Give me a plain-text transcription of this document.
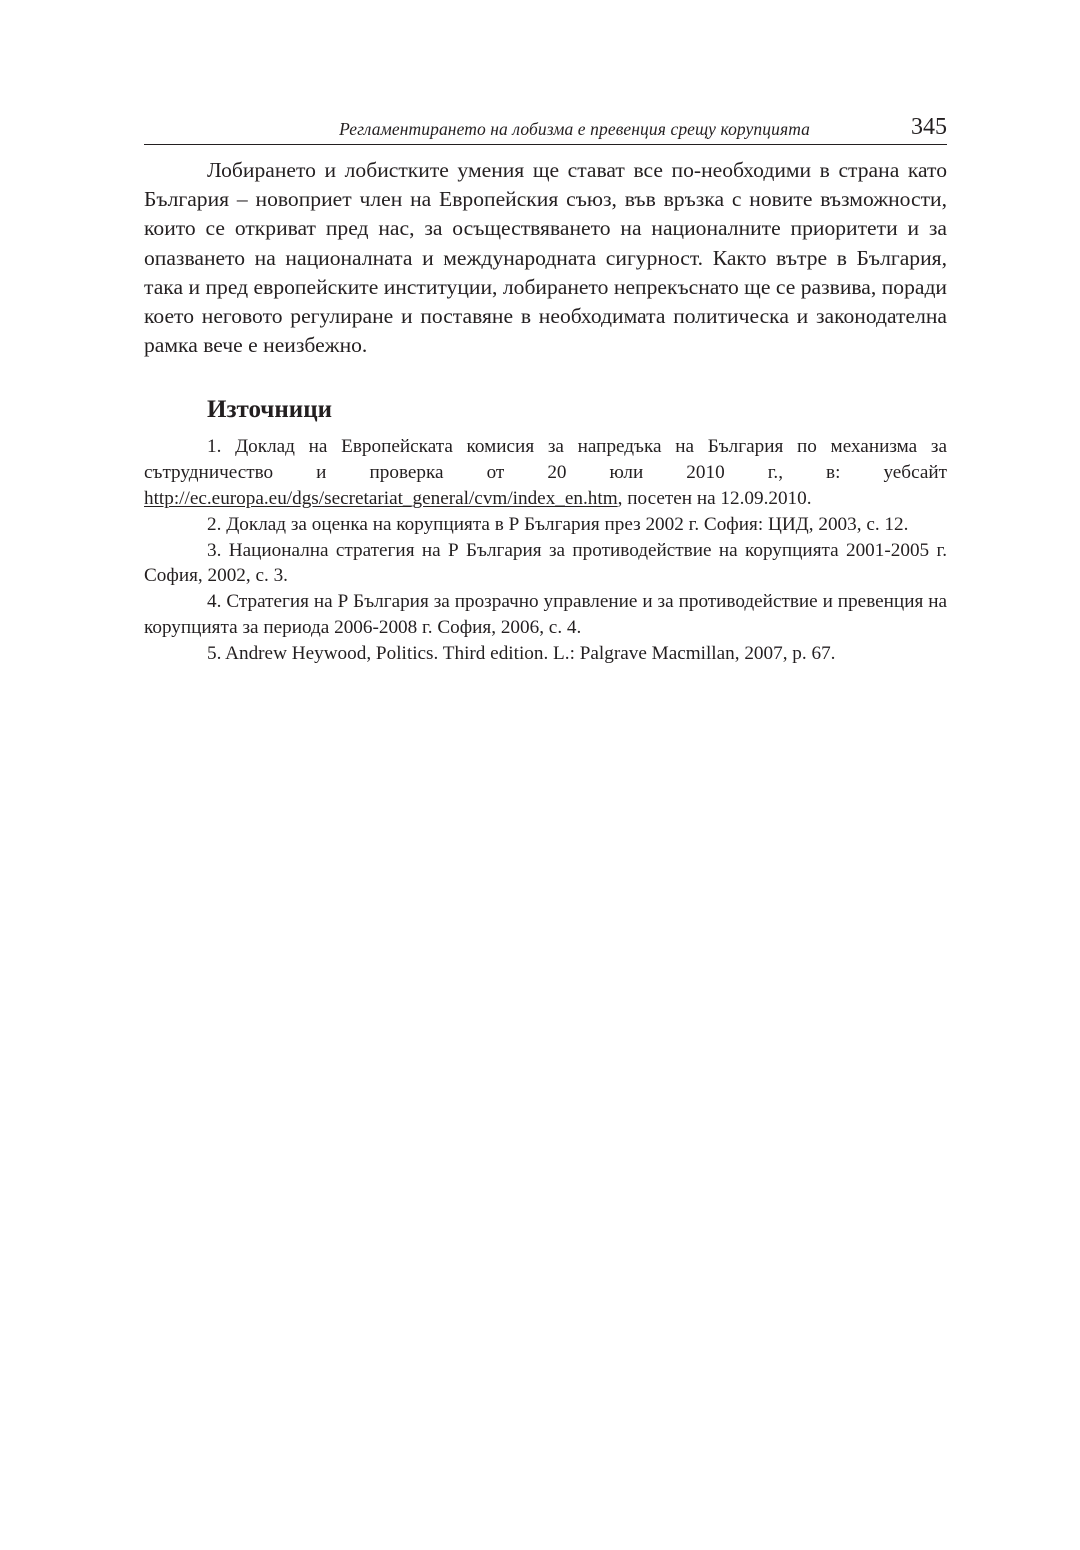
Регламентирането на лобизма е превенция срещу корупцията	345

Лобирането и лобистките умения ще стават все по-необходими в страна като България – новоприет член на Европейския съюз, във връзка с новите възможности, които се откриват пред нас, за осъществяването на националните приоритети и за опазването на националната и международната сигурност. Както вътре в България, така и пред европейските институции, лобирането непрекъснато ще се развива, поради което неговото регулиране и поставяне в необходимата политическа и законодателна рамка вече е неизбежно.

Източници
1. Доклад на Европейската комисия за напредъка на България по механизма за сътрудничество и проверка от 20 юли 2010 г., в: уебсайт http://ec.europa.eu/dgs/secretariat_general/cvm/index_en.htm, посетен на 12.09.2010.
2. Доклад за оценка на корупцията в Р България през 2002 г. София: ЦИД, 2003, с. 12.
3. Национална стратегия на Р България за противодействие на корупцията 2001-2005 г. София, 2002, с. 3.
4. Стратегия на Р България за прозрачно управление и за противодействие и превенция на корупцията за периода 2006-2008 г. София, 2006, с. 4.
5. Andrew Heywood, Politics. Third edition. L.: Palgrave Macmillan, 2007, p. 67.
